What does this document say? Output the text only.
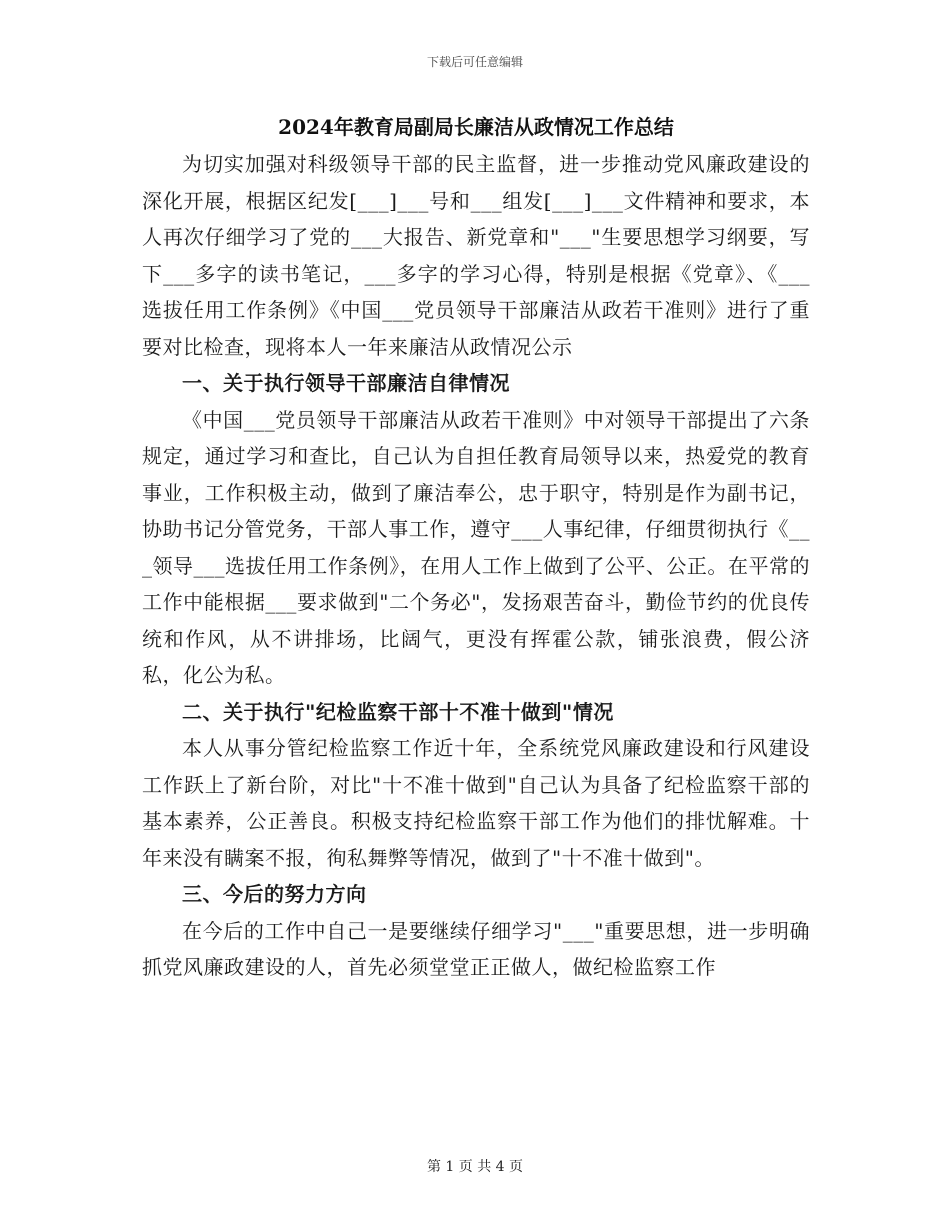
下载后可任意编辑
2024年教育局副局长廉洁从政情况工作总结

为切实加强对科级领导干部的民主监督，进一步推动党风廉政建设的深化开展，根据区纪发[___]___号和___组发[___]___文件精神和要求，本人再次仔细学习了党的___大报告、新党章和"___"生要思想学习纲要，写下___多字的读书笔记，___多字的学习心得，特别是根据《党章》、《___选拔任用工作条例》《中国___党员领导干部廉洁从政若干准则》进行了重要对比检查，现将本人一年来廉洁从政情况公示

一、关于执行领导干部廉洁自律情况

《中国___党员领导干部廉洁从政若干准则》中对领导干部提出了六条规定，通过学习和查比，自己认为自担任教育局领导以来，热爱党的教育事业，工作积极主动，做到了廉洁奉公，忠于职守，特别是作为副书记，协助书记分管党务，干部人事工作，遵守___人事纪律，仔细贯彻执行《___领导___选拔任用工作条例》，在用人工作上做到了公平、公正。在平常的工作中能根据___要求做到"二个务必"，发扬艰苦奋斗，勤俭节约的优良传统和作风，从不讲排场，比阔气，更没有挥霍公款，铺张浪费，假公济私，化公为私。

二、关于执行"纪检监察干部十不准十做到"情况

本人从事分管纪检监察工作近十年，全系统党风廉政建设和行风建设工作跃上了新台阶，对比"十不准十做到"自己认为具备了纪检监察干部的基本素养，公正善良。积极支持纪检监察干部工作为他们的排忧解难。十年来没有瞒案不报，徇私舞弊等情况，做到了"十不准十做到"。

三、今后的努力方向

在今后的工作中自己一是要继续仔细学习"___"重要思想，进一步明确抓党风廉政建设的人，首先必须堂堂正正做人，做纪检监察工作

第 1 页 共 4 页
